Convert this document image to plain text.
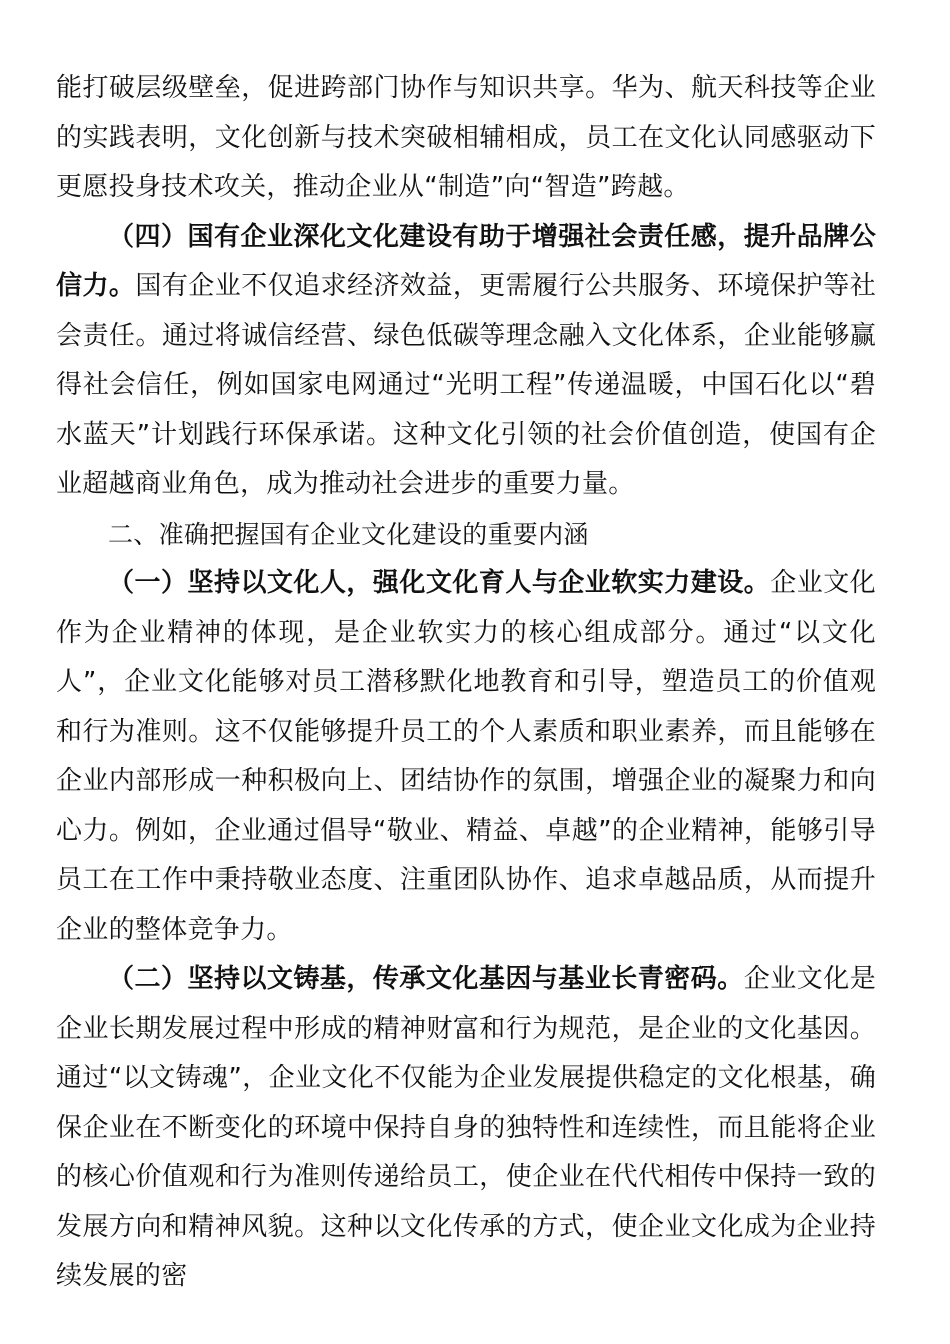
能打破层级壁垒，促进跨部门协作与知识共享。华为、航天科技等企业的实践表明，文化创新与技术突破相辅相成，员工在文化认同感驱动下更愿投身技术攻关，推动企业从“制造”向“智造”跨越。

（四）国有企业深化文化建设有助于增强社会责任感，提升品牌公信力。国有企业不仅追求经济效益，更需履行公共服务、环境保护等社会责任。通过将诚信经营、绿色低碳等理念融入文化体系，企业能够赢得社会信任，例如国家电网通过“光明工程”传递温暖，中国石化以“碧水蓝天”计划践行环保承诺。这种文化引领的社会价值创造，使国有企业超越商业角色，成为推动社会进步的重要力量。

二、准确把握国有企业文化建设的重要内涵

（一）坚持以文化人，强化文化育人与企业软实力建设。企业文化作为企业精神的体现，是企业软实力的核心组成部分。通过“以文化人”，企业文化能够对员工潜移默化地教育和引导，塑造员工的价值观和行为准则。这不仅能够提升员工的个人素质和职业素养，而且能够在企业内部形成一种积极向上、团结协作的氛围，增强企业的凝聚力和向心力。例如，企业通过倡导“敬业、精益、卓越”的企业精神，能够引导员工在工作中秉持敬业态度、注重团队协作、追求卓越品质，从而提升企业的整体竞争力。

（二）坚持以文铸基，传承文化基因与基业长青密码。企业文化是企业长期发展过程中形成的精神财富和行为规范，是企业的文化基因。通过“以文铸魂”，企业文化不仅能为企业发展提供稳定的文化根基，确保企业在不断变化的环境中保持自身的独特性和连续性，而且能将企业的核心价值观和行为准则传递给员工，使企业在代代相传中保持一致的发展方向和精神风貌。这种以文化传承的方式，使企业文化成为企业持续发展的密
